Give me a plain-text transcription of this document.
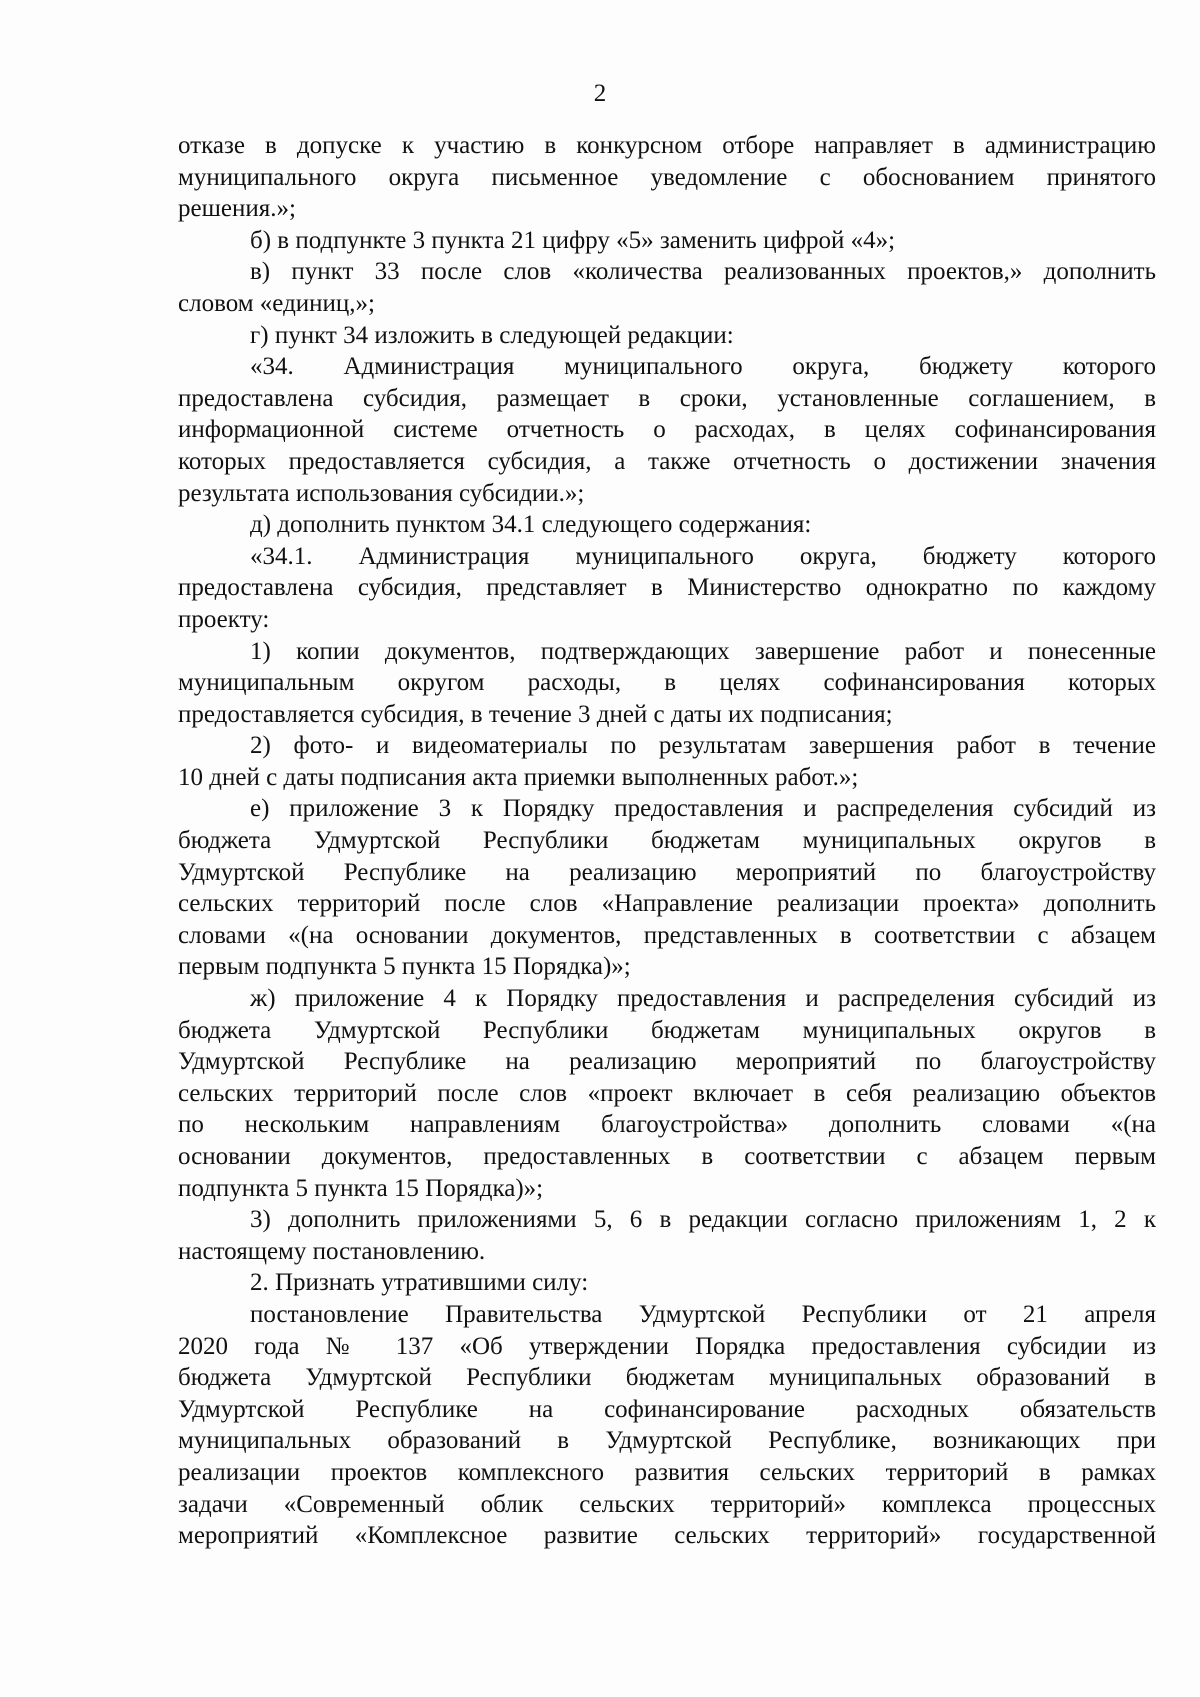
2
отказе в допуске к участию в конкурсном отборе направляет в администрацию
муниципального округа письменное уведомление с обоснованием принятого
решения.»;
б) в подпункте 3 пункта 21 цифру «5» заменить цифрой «4»;
в) пункт 33 после слов «количества реализованных проектов,» дополнить
словом «единиц,»;
г) пункт 34 изложить в следующей редакции:
«34. Администрация муниципального округа, бюджету которого
предоставлена субсидия, размещает в сроки, установленные соглашением, в
информационной системе отчетность о расходах, в целях софинансирования
которых предоставляется субсидия, а также отчетность о достижении значения
результата использования субсидии.»;
д) дополнить пунктом 34.1 следующего содержания:
«34.1. Администрация муниципального округа, бюджету которого
предоставлена субсидия, представляет в Министерство однократно по каждому
проекту:
1) копии документов, подтверждающих завершение работ и понесенные
муниципальным округом расходы, в целях софинансирования которых
предоставляется субсидия, в течение 3 дней с даты их подписания;
2) фото- и видеоматериалы по результатам завершения работ в течение
10 дней с даты подписания акта приемки выполненных работ.»;
е) приложение 3 к Порядку предоставления и распределения субсидий из
бюджета Удмуртской Республики бюджетам муниципальных округов в
Удмуртской Республике на реализацию мероприятий по благоустройству
сельских территорий после слов «Направление реализации проекта» дополнить
словами «(на основании документов, представленных в соответствии с абзацем
первым подпункта 5 пункта 15 Порядка)»;
ж) приложение 4 к Порядку предоставления и распределения субсидий из
бюджета Удмуртской Республики бюджетам муниципальных округов в
Удмуртской Республике на реализацию мероприятий по благоустройству
сельских территорий после слов «проект включает в себя реализацию объектов
по нескольким направлениям благоустройства» дополнить словами «(на
основании документов, предоставленных в соответствии с абзацем первым
подпункта 5 пункта 15 Порядка)»;
3) дополнить приложениями 5, 6 в редакции согласно приложениям 1, 2 к
настоящему постановлению.
2. Признать утратившими силу:
постановление Правительства Удмуртской Республики от 21 апреля
2020 года № 137 «Об утверждении Порядка предоставления субсидии из
бюджета Удмуртской Республики бюджетам муниципальных образований в
Удмуртской Республике на софинансирование расходных обязательств
муниципальных образований в Удмуртской Республике, возникающих при
реализации проектов комплексного развития сельских территорий в рамках
задачи «Современный облик сельских территорий» комплекса процессных
мероприятий «Комплексное развитие сельских территорий» государственной
